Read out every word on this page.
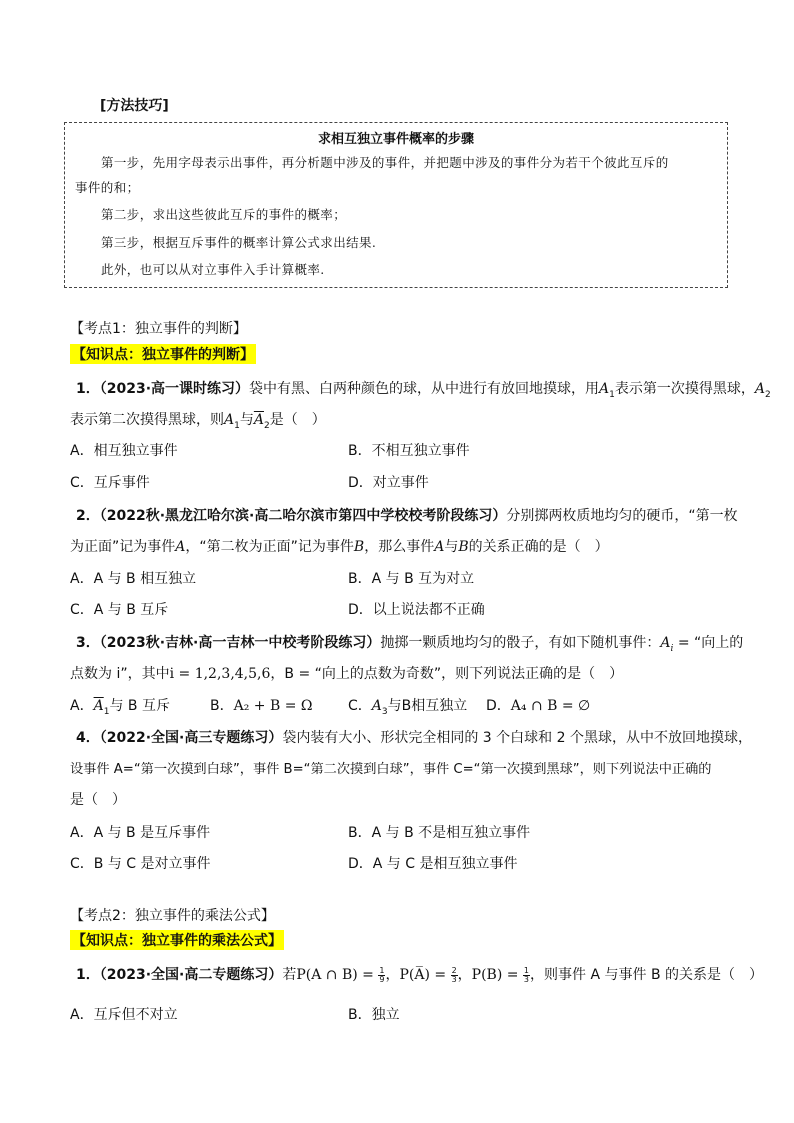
[方法技巧]
求相互独立事件概率的步骤
第一步，先用字母表示出事件，再分析题中涉及的事件，并把题中涉及的事件分为若干个彼此互斥的
事件的和；
第二步，求出这些彼此互斥的事件的概率；
第三步，根据互斥事件的概率计算公式求出结果.
此外，也可以从对立事件入手计算概率.
【考点1：独立事件的判断】
【知识点：独立事件的判断】
1．（2023·高一课时练习）袋中有黑、白两种颜色的球，从中进行有放回地摸球，用$A_1$表示第一次摸得黑球，$A_2$
表示第二次摸得黑球，则$A_1$与$\overline{A}_2$是（　）
A．相互独立事件	B．不相互独立事件
C．互斥事件	D．对立事件
2．（2022秋·黑龙江哈尔滨·高二哈尔滨市第四中学校校考阶段练习）分别掷两枚质地均匀的硬币，“第一枚
为正面”记为事件A，“第二枚为正面”记为事件B，那么事件A与B的关系正确的是（　）
A．A 与 B 相互独立	B．A 与 B 互为对立
C．A 与 B 互斥	D．以上说法都不正确
3．（2023秋·吉林·高一吉林一中校考阶段练习）抛掷一颗质地均匀的骰子，有如下随机事件：$A_i$ = “向上的
点数为 i”，其中i = 1,2,3,4,5,6，B = “向上的点数为奇数”，则下列说法正确的是（　）
A．$\overline{A}_1$与 B 互斥	B．A₂ + B = Ω	C．$A_3$与B相互独立 D．A₄ ∩ B = ∅
4．（2022·全国·高三专题练习）袋内装有大小、形状完全相同的 3 个白球和 2 个黑球，从中不放回地摸球，
设事件 A=“第一次摸到白球”，事件 B=“第二次摸到白球”，事件 C=“第一次摸到黑球”，则下列说法中正确的
是（　）
A．A 与 B 是互斥事件	B．A 与 B 不是相互独立事件
C．B 与 C 是对立事件	D．A 与 C 是相互独立事件
【考点2：独立事件的乘法公式】
【知识点：独立事件的乘法公式】
1．（2023·全国·高二专题练习）若P(A ∩ $B) = \frac{1}{9}$ ，P(A̅) = $\frac{2}{3}$ ，$P(B) = \frac{1}{3}$ ，则事件 A 与事件 B 的关系是（　）
A．互斥但不对立	B．独立
